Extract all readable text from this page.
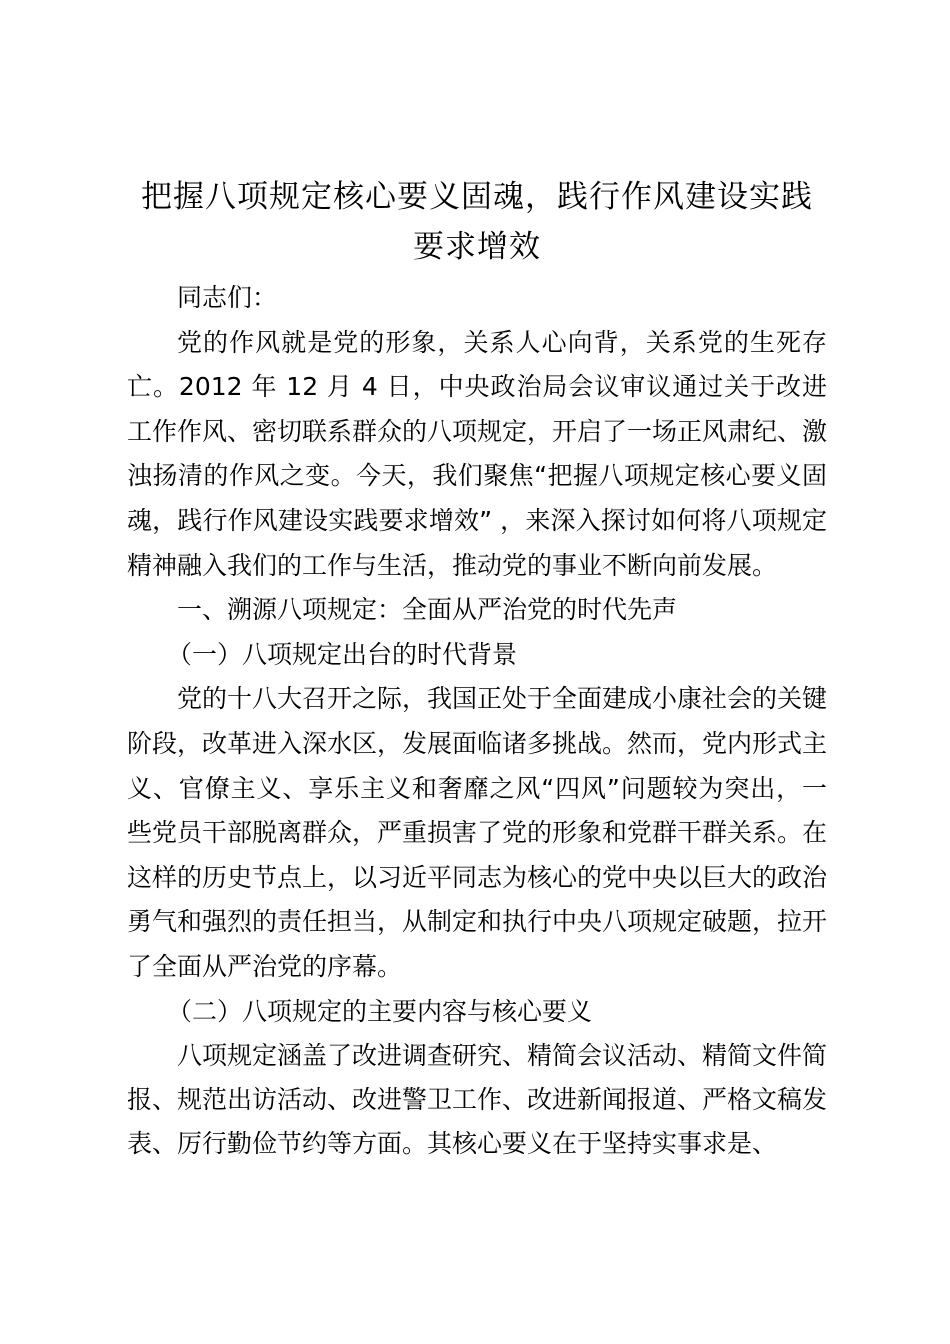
把握八项规定核心要义固魂，践行作风建设实践要求增效

同志们：

党的作风就是党的形象，关系人心向背，关系党的生死存亡。2012 年 12 月 4 日，中央政治局会议审议通过关于改进工作作风、密切联系群众的八项规定，开启了一场正风肃纪、激浊扬清的作风之变。今天，我们聚焦“把握八项规定核心要义固魂，践行作风建设实践要求增效” ，来深入探讨如何将八项规定精神融入我们的工作与生活，推动党的事业不断向前发展。

一、溯源八项规定：全面从严治党的时代先声

（一）八项规定出台的时代背景

党的十八大召开之际，我国正处于全面建成小康社会的关键阶段，改革进入深水区，发展面临诸多挑战。然而，党内形式主义、官僚主义、享乐主义和奢靡之风“四风”问题较为突出，一些党员干部脱离群众，严重损害了党的形象和党群干群关系。在这样的历史节点上，以习近平同志为核心的党中央以巨大的政治勇气和强烈的责任担当，从制定和执行中央八项规定破题，拉开了全面从严治党的序幕。

（二）八项规定的主要内容与核心要义

八项规定涵盖了改进调查研究、精简会议活动、精简文件简报、规范出访活动、改进警卫工作、改进新闻报道、严格文稿发表、厉行勤俭节约等方面。其核心要义在于坚持实事求是、
